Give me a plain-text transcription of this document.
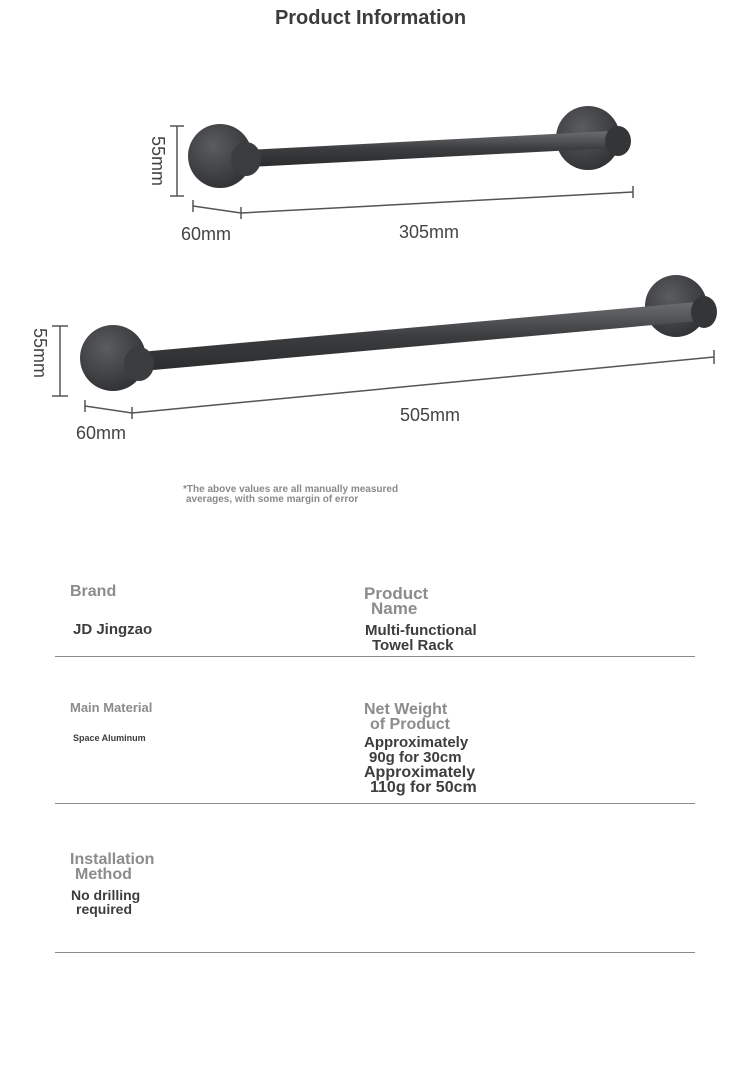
Product Information
55mm
60mm	305mm
55mm
60mm
505mm
*The above values are all manually measured
averages, with some margin of error
Brand
JD Jingzao
Product
Name
Multi-functional
Towel Rack
Main Material
Space Aluminum
Net Weight
of Product
Approximately
90g for 30cm
Approximately
110g for 50cm
Installation
Method
No drilling
required
